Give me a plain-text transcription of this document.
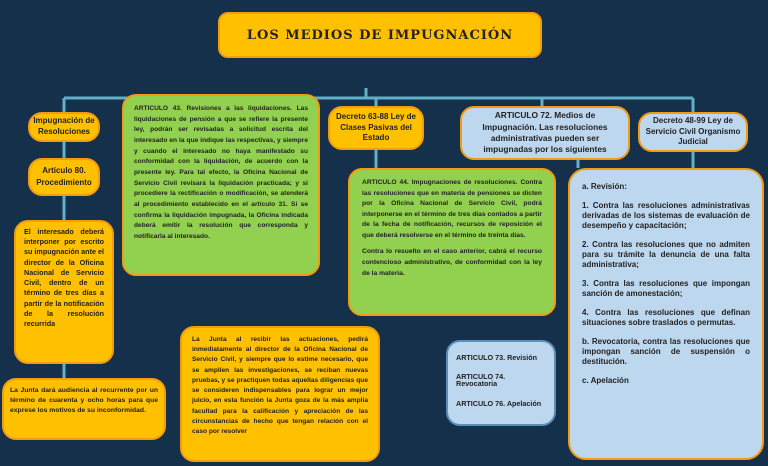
LOS MEDIOS DE IMPUGNACIÓN
Impugnación de Resoluciones
Artículo 80. Procedimiento
El interesado deberá interponer por escrito su impugnación ante el director de la Oficina Nacional de Servicio Civil, dentro de un término de tres días a partir de la notificación de la resolución recurrida
La Junta dará audiencia al recurrente por un término de cuarenta y ocho horas para que exprese los motivos de su inconformidad.
ARTICULO 43. Revisiones a las liquidaciones. Las liquidaciones de pensión a que se refiere la presente ley, podrán ser revisadas a solicitud escrita del interesado en la que indique las respectivas, y siempre y cuando el interesado no haya manifestado su conformidad con la liquidación, de acuerdo con la presente ley. Para tal efecto, la Oficina Nacional de Servicio Civil revisará la liquidación practicada; y si procediere la rectificación o modificación, se atenderá al procedimiento establecido en el artículo 31. Si se confirma la liquidación impugnada, la Oficina indicada deberá emitir la resolución que corresponda y notificarla al interesado.
La Junta al recibir las actuaciones, pedirá inmediatamente al director de la Oficina Nacional de Servicio Civil, y siempre que lo estime necesario, que se amplíen las investigaciones, se reciban nuevas pruebas, y se practiquen todas aquellas diligencias que se consideren indispensables para lograr un mejor juicio, en esta función la Junta goza de la más amplia facultad para la calificación y apreciación de las circunstancias de hecho que tengan relación con el caso por resolver
Decreto 63-88 Ley de Clases Pasivas del Estado

ARTICULO 44. Impugnaciones de resoluciones. Contra las resoluciones que en materia de pensiones se dicten por la Oficina Nacional de Servicio Civil, podrá interponerse en el término de tres días contados a partir de la fecha de notificación, recursos de reposición el que deberá resolverse en el término de treinta días.

Contra lo resuelto en el caso anterior, cabrá el recurso contencioso administrativo, de conformidad con la ley de la materia.

ARTICULO 72. Medios de Impugnación. Las resoluciones administrativas pueden ser impugnadas por los siguientes
Decreto 48-99 Ley de Servicio Civil Organismo Judicial

ARTICULO 73. Revisión

ARTICULO 74. Revocatoria

ARTICULO 76. Apelación

a. Revisión:

1. Contra las resoluciones administrativas derivadas de los sistemas de evaluación de desempeño y capacitación;

2. Contra las resoluciones que no admiten para su trámite la denuncia de una falta administrativa;

3. Contra las resoluciones que impongan sanción de amonestación;

4. Contra las resoluciones que definan situaciones sobre traslados o permutas.

b. Revocatoria, contra las resoluciones que impongan sanción de suspensión o destitución.

c. Apelación
